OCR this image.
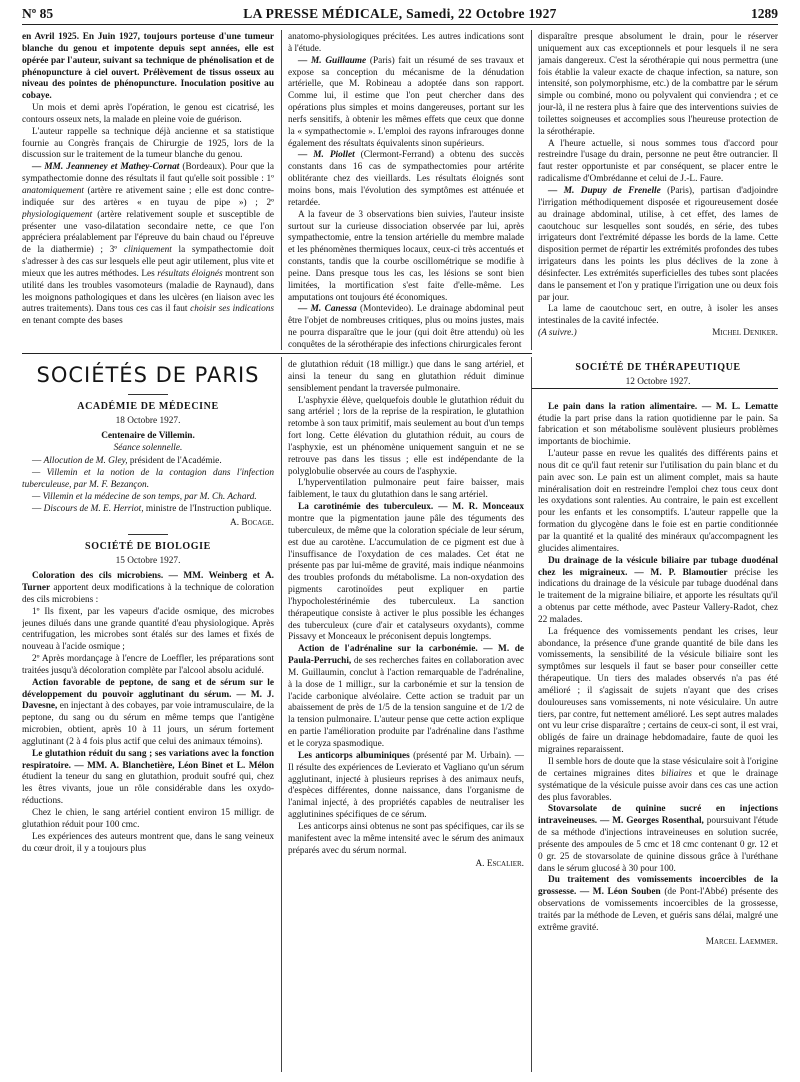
Nº 85	LA PRESSE MÉDICALE, Samedi, 22 Octobre 1927	1289

en Avril 1925. En Juin 1927, toujours porteuse d'une tumeur blanche du genou et impotente depuis sept années, elle est opérée par l'auteur, suivant sa technique de phénolisation et de phénopuncture à ciel ouvert. Prélèvement de tissus osseux au niveau des pointes de phénopuncture. Inoculation positive au cobaye.

Un mois et demi après l'opération, le genou est cicatrisé, les contours osseux nets, la malade en pleine voie de guérison.

L'auteur rappelle sa technique déjà ancienne et sa statistique fournie au Congrès français de Chirurgie de 1925, lors de la discussion sur le traitement de la tumeur blanche du genou.

— MM. Jeanneney et Mathey-Cornat (Bordeaux). Pour que la sympathectomie donne des résultats il faut qu'elle soit possible : 1º anatomiquement (artère re ativement saine ; elle est donc contre-indiquée sur des artères « en tuyau de pipe ») ; 2º physiologiquement (artère relativement souple et susceptible de présenter une vaso-dilatation secondaire nette, ce que l'on appréciera préalablement par l'épreuve du bain chaud ou l'épreuve de la diathermie) ; 3º cliniquement la sympathectomie doit s'adresser à des cas sur lesquels elle peut agir utilement, plus vite et mieux que les autres méthodes. Les résultats éloignés montrent son utilité dans les troubles vasomoteurs (maladie de Raynaud), dans les moignons pathologiques et dans les ulcères (en liaison avec les autres traitements). Dans tous ces cas il faut choisir ses indications en tenant compte des bases

anatomo-physiologiques précitées. Les autres indications sont à l'étude.

— M. Guillaume (Paris) fait un résumé de ses travaux et expose sa conception du mécanisme de la dénudation artérielle, que M. Robineau a adoptée dans son rapport. Comme lui, il estime que l'on peut chercher dans des opérations plus simples et moins dangereuses, portant sur les nerfs sensitifs, à obtenir les mêmes effets que ceux que donne la « sympathectomie ». L'emploi des rayons infrarouges donne également des résultats équivalents sinon supérieurs.

— M. Piollet (Clermont-Ferrand) a obtenu des succès constants dans 16 cas de sympathectomies pour artérite oblitérante chez des vieillards. Les résultats éloignés sont moins bons, mais l'évolution des symptômes est atténuée et retardée.

A la faveur de 3 observations bien suivies, l'auteur insiste surtout sur la curieuse dissociation observée par lui, après sympathectomie, entre la tension artérielle du membre malade et les phénomènes thermiques locaux, ceux-ci très accentués et constants, tandis que la courbe oscillométrique se modifie à peine. Dans presque tous les cas, les lésions se sont bien limitées, la mortification s'est faite d'elle-même. Les amputations ont toujours été économiques.

— M. Canessa (Montevideo). Le drainage abdominal peut être l'objet de nombreuses critiques, plus ou moins justes, mais ne pourra disparaître que le jour (qui doit être attendu) où les conquêtes de la sérothérapie des infections chirurgicales feront

disparaître presque absolument le drain, pour le réserver uniquement aux cas exceptionnels et pour lesquels il ne sera jamais dangereux. C'est la sérothérapie qui nous permettra (une fois établie la valeur exacte de chaque infection, sa nature, son intensité, son polymorphisme, etc.) de la combattre par le sérum simple ou combiné, mono ou polyvalent qui conviendra ; et ce jour-là, il ne restera plus à faire que des interventions suivies de toilettes soigneuses et accomplies sous l'heureuse protection de la sérothérapie.

A l'heure actuelle, si nous sommes tous d'accord pour restreindre l'usage du drain, personne ne peut être outrancier. Il faut rester opportuniste et par conséquent, se placer entre le radicalisme d'Ombrédanne et celui de J.-L. Faure.

— M. Dupuy de Frenelle (Paris), partisan d'adjoindre l'irrigation méthodiquement disposée et rigoureusement dosée au drainage abdominal, utilise, à cet effet, des lames de caoutchouc sur lesquelles sont soudés, en série, des tubes irrigateurs dont l'extrémité dépasse les bords de la lame. Cette disposition permet de répartir les extrémités profondes des tubes irrigateurs dans les points les plus déclives de la zone à désinfecter. Les extrémités superficielles des tubes sont placées dans le pansement et l'on y pratique l'irrigation une ou deux fois par jour.

La lame de caoutchouc sert, en outre, à isoler les anses intestinales de la cavité infectée.

(A suivre.)	Michel Deniker.
SOCIÉTÉS DE PARIS
ACADÉMIE DE MÉDECINE
18 Octobre 1927.
Centenaire de Villemin.
Séance solennelle.

— Allocution de M. Gley, président de l'Académie.

— Villemin et la notion de la contagion dans l'infection tuberculeuse, par M. F. Bezançon.

— Villemin et la médecine de son temps, par M. Ch. Achard.

— Discours de M. E. Herriot, ministre de l'Instruction publique.

A. Bocage.
SOCIÉTÉ DE BIOLOGIE
15 Octobre 1927.

Coloration des cils microbiens. — MM. Weinberg et A. Turner apportent deux modifications à la technique de coloration des cils microbiens :

1º Ils fixent, par les vapeurs d'acide osmique, des microbes jeunes dilués dans une grande quantité d'eau physiologique. Après centrifugation, les microbes sont étalés sur des lames et fixés de nouveau à l'acide osmique ;

2º Après mordançage à l'encre de Loeffler, les préparations sont traitées jusqu'à décoloration complète par l'alcool absolu acidulé.

Action favorable de peptone, de sang et de sérum sur le développement du pouvoir agglutinant du sérum. — M. J. Davesne, en injectant à des cobayes, par voie intramusculaire, de la peptone, du sang ou du sérum en même temps que l'antigène microbien, obtient, après 10 à 11 jours, un sérum fortement agglutinant (2 à 4 fois plus actif que celui des animaux témoins).

Le glutathion réduit du sang ; ses variations avec la fonction respiratoire. — MM. A. Blanchetière, Léon Binet et L. Mélon étudient la teneur du sang en glutathion, produit soufré qui, chez les êtres vivants, joue un rôle considérable dans les oxydo-réductions.

Chez le chien, le sang artériel contient environ 15 milligr. de glutathion réduit pour 100 cmc.

Les expériences des auteurs montrent que, dans le sang veineux du cœur droit, il y a toujours plus

de glutathion réduit (18 milligr.) que dans le sang artériel, et ainsi la teneur du sang en glutathion réduit diminue sensiblement pendant la traversée pulmonaire.

L'asphyxie élève, quelquefois double le glutathion réduit du sang artériel ; lors de la reprise de la respiration, le glutathion retombe à son taux primitif, mais seulement au bout d'un temps fort long. Cette élévation du glutathion réduit, au cours de l'asphyxie, est un phénomène uniquement sanguin et ne se retrouve pas dans les tissus ; elle est indépendante de la polyglobulie observée au cours de l'asphyxie.

L'hyperventilation pulmonaire peut faire baisser, mais faiblement, le taux du glutathion dans le sang artériel.

La carotinémie des tuberculeux. — M. R. Monceaux montre que la pigmentation jaune pâle des téguments des tuberculeux, de même que la coloration spéciale de leur sérum, est due au carotène. L'accumulation de ce pigment est due à l'insuffisance de l'oxydation de ces malades. Cet état ne présente pas par lui-même de gravité, mais indique néanmoins des troubles profonds du métabolisme. La non-oxydation des pigments carotinoïdes peut expliquer en partie l'hypocholestérinémie des tuberculeux. La sanction thérapeutique consiste à activer le plus possible les échanges des tuberculeux (cure d'air et catalyseurs oxydants), comme Pissavy et Monceaux le préconisent depuis longtemps.

Action de l'adrénaline sur la carbonémie. — M. de Paula-Perruchi, de ses recherches faites en collaboration avec M. Guillaumin, conclut à l'action remarquable de l'adrénaline, à la dose de 1 milligr., sur la carbonémie et sur la tension de l'acide carbonique alvéolaire. Cette action se traduit par un abaissement de près de 1/5 de la tension sanguine et de 1/2 de la tension pulmonaire. L'auteur pense que cette action explique en partie l'amélioration produite par l'adrénaline dans l'asthme et le coryza spasmodique.

Les anticorps albuminiques (présenté par M. Urbain). — Il résulte des expériences de Levierato et Vagliano qu'un sérum agglutinant, injecté à plusieurs reprises à des animaux neufs, d'espèces différentes, donne naissance, dans l'organisme de l'animal injecté, à des propriétés capables de neutraliser les agglutinines spécifiques de ce sérum.

Les anticorps ainsi obtenus ne sont pas spécifiques, car ils se manifestent avec la même intensité avec le sérum des animaux préparés avec du sérum normal.

A. Escalier.
SOCIÉTÉ DE THÉRAPEUTIQUE
12 Octobre 1927.

Le pain dans la ration alimentaire. — M. L. Lematte étudie la part prise dans la ration quotidienne par le pain. Sa fabrication et son métabolisme soulèvent plusieurs problèmes importants de biochimie.

L'auteur passe en revue les qualités des différents pains et nous dit ce qu'il faut retenir sur l'utilisation du pain blanc et du pain avec son. Le pain est un aliment complet, mais sa haute minéralisation doit en restreindre l'emploi chez tous ceux dont les oxydations sont ralenties. Au contraire, le pain est excellent pour les enfants et les consomptifs. L'auteur rappelle que la formation du glycogène dans le foie est en partie conditionnée par la quantité et la qualité des minéraux qu'accompagnent les glucides alimentaires.

Du drainage de la vésicule biliaire par tubage duodénal chez les migraineux. — M. P. Blamoutier précise les indications du drainage de la vésicule par tubage duodénal dans le traitement de la migraine biliaire, et apporte les résultats qu'il a obtenus par cette méthode, avec Pasteur Vallery-Radot, chez 22 malades.

La fréquence des vomissements pendant les crises, leur abondance, la présence d'une grande quantité de bile dans les vomissements, la sensibilité de la vésicule biliaire sont les symptômes sur lesquels il faut se baser pour conseiller cette thérapeutique. Un tiers des malades observés n'a pas été amélioré ; il s'agissait de sujets n'ayant que des crises douloureuses sans vomissements, ni note vésiculaire. Un autre tiers, par contre, fut nettement amélioré. Les sept autres malades ont vu leur crise disparaître ; certains de ceux-ci sont, il est vrai, obligés de faire un drainage hebdomadaire, faute de quoi les migraines reparaissent.

Il semble hors de doute que la stase vésiculaire soit à l'origine de certaines migraines dites biliaires et que le drainage systématique de la vésicule puisse avoir dans ces cas une action des plus favorables.

Stovarsolate de quinine sucré en injections intraveineuses. — M. Georges Rosenthal, poursuivant l'étude de sa méthode d'injections intraveineuses en solution sucrée, présente des ampoules de 5 cmc et 18 cmc contenant 0 gr. 12 et 0 gr. 25 de stovarsolate de quinine dissous grâce à l'uréthane dans le sérum glucosé à 30 pour 100.

Du traitement des vomissements incoercibles de la grossesse. — M. Léon Souben (de Pont-l'Abbé) présente des observations de vomissements incoercibles de la grossesse, traités par la méthode de Leven, et guéris sans délai, malgré une extrême gravité.

Marcel Laemmer.
